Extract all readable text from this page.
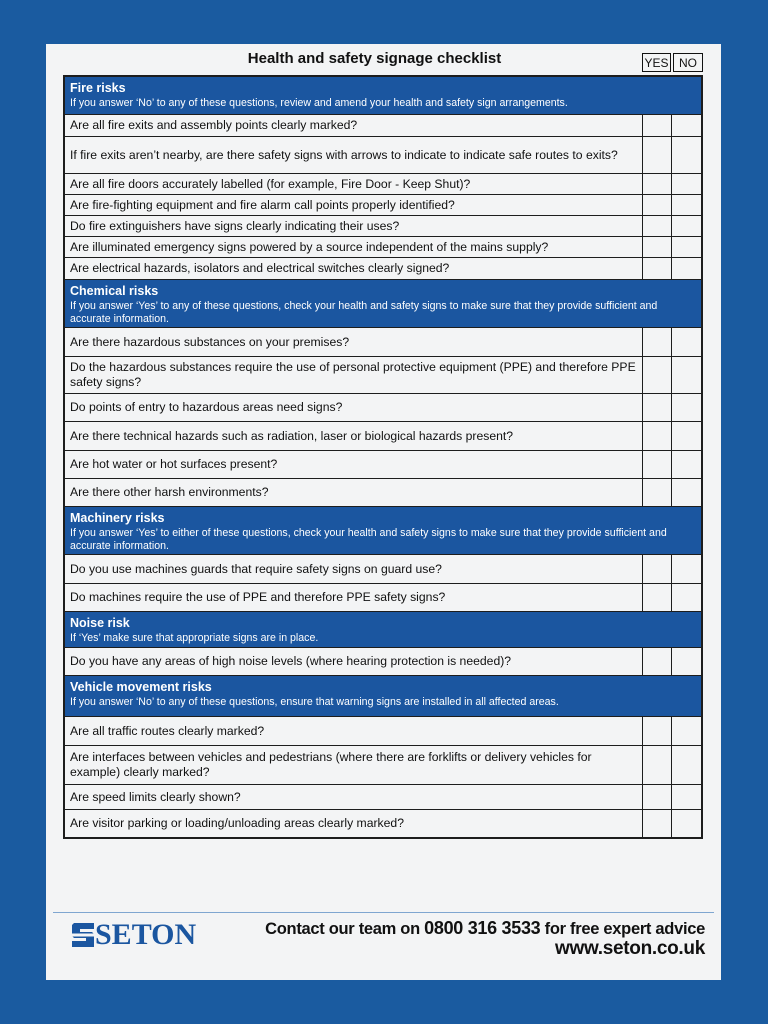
Health and safety signage checklist	YES NO
Fire risks
If you answer ‘No’ to any of these questions, review and amend your health and safety sign arrangements.
Are all fire exits and assembly points clearly marked?
If fire exits aren’t nearby, are there safety signs with arrows to indicate to indicate safe routes to exits?
Are all fire doors accurately labelled (for example, Fire Door - Keep Shut)?
Are fire-fighting equipment and fire alarm call points properly identified?
Do fire extinguishers have signs clearly indicating their uses?
Are illuminated emergency signs powered by a source independent of the mains supply?
Are electrical hazards, isolators and electrical switches clearly signed?
Chemical risks
If you answer ‘Yes’ to any of these questions, check your health and safety signs to make sure that they provide sufficient and accurate information.
Are there hazardous substances on your premises?
Do the hazardous substances require the use of personal protective equipment (PPE) and therefore PPE safety signs?
Do points of entry to hazardous areas need signs?
Are there technical hazards such as radiation, laser or biological hazards present?
Are hot water or hot surfaces present?
Are there other harsh environments?
Machinery risks
If you answer ‘Yes’ to either of these questions, check your health and safety signs to make sure that they provide sufficient and accurate information.
Do you use machines guards that require safety signs on guard use?
Do machines require the use of PPE and therefore PPE safety signs?
Noise risk
If ‘Yes’ make sure that appropriate signs are in place.
Do you have any areas of high noise levels (where hearing protection is needed)?
Vehicle movement risks
If you answer ‘No’ to any of these questions, ensure that warning signs are installed in all affected areas.
Are all traffic routes clearly marked?
Are interfaces between vehicles and pedestrians (where there are forklifts or delivery vehicles for example) clearly marked?
Are speed limits clearly shown?
Are visitor parking or loading/unloading areas clearly marked?
SETON	Contact our team on 0800 316 3533 for free expert advice
www.seton.co.uk
